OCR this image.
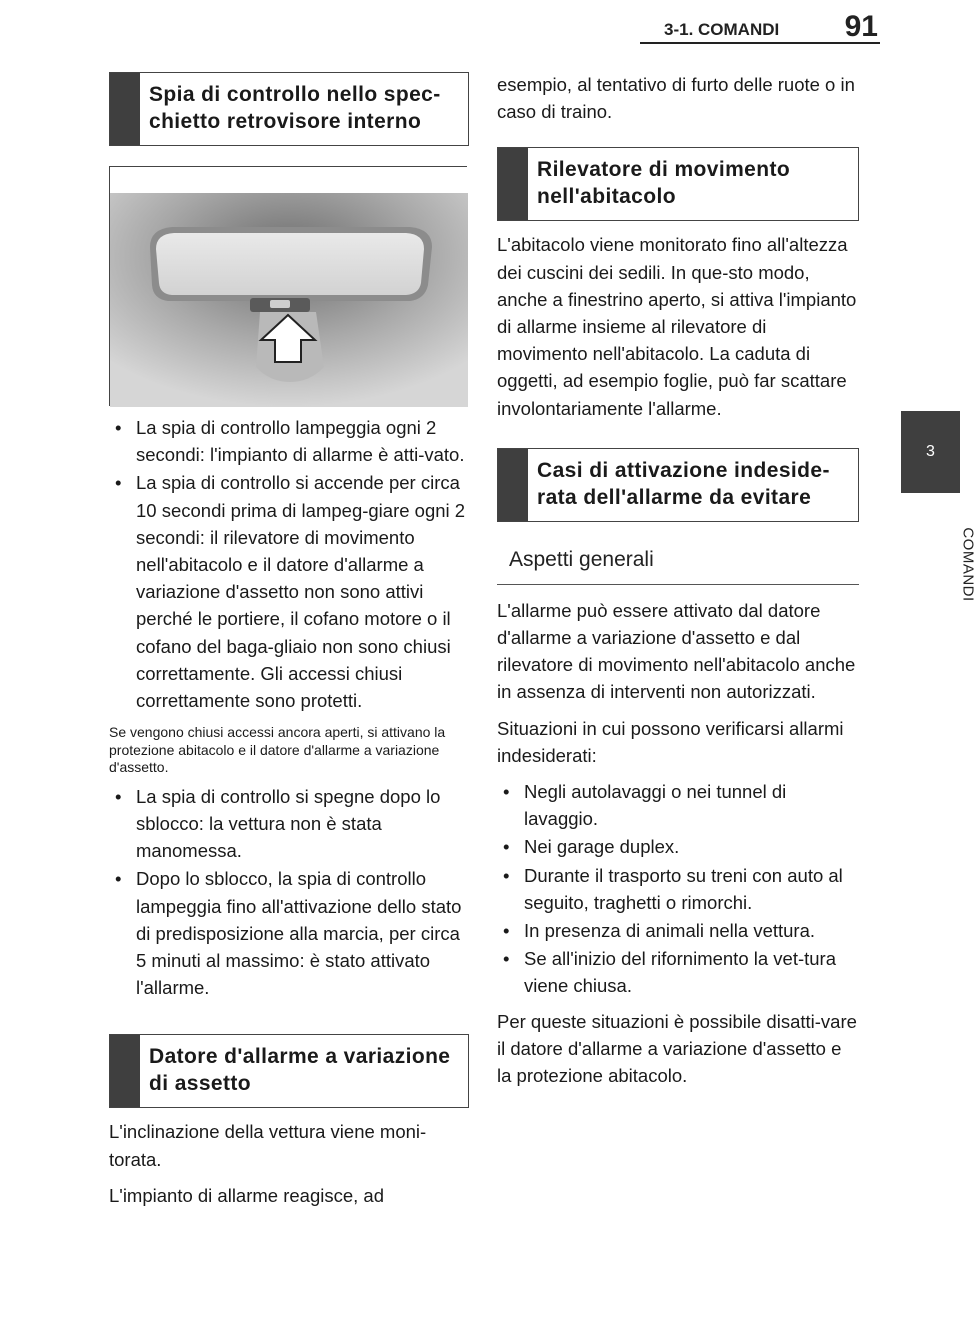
3-1. COMANDI	91
3
COMANDI
Spia di controllo nello spec-
chietto retrovisore interno
• La spia di controllo lampeggia ogni 2 secondi: l'impianto di allarme è atti-vato.
• La spia di controllo si accende per circa 10 secondi prima di lampeg-giare ogni 2 secondi: il rilevatore di movimento nell'abitacolo e il datore d'allarme a variazione d'assetto non sono attivi perché le portiere, il cofano motore o il cofano del baga-gliaio non sono chiusi correttamente. Gli accessi chiusi correttamente sono protetti.

Se vengono chiusi accessi ancora aperti, si attivano la protezione abitacolo e il datore d'allarme a variazione d'assetto.

• La spia di controllo si spegne dopo lo sblocco: la vettura non è stata manomessa.
• Dopo lo sblocco, la spia di controllo lampeggia fino all'attivazione dello stato di predisposizione alla marcia, per circa 5 minuti al massimo: è stato attivato l'allarme.
Datore d'allarme a variazione
di assetto

L'inclinazione della vettura viene moni-torata.

L'impianto di allarme reagisce, ad

esempio, al tentativo di furto delle ruote o in caso di traino.

Rilevatore di movimento
nell'abitacolo

L'abitacolo viene monitorato fino all'altezza dei cuscini dei sedili. In que-sto modo, anche a finestrino aperto, si attiva l'impianto di allarme insieme al rilevatore di movimento nell'abitacolo. La caduta di oggetti, ad esempio foglie, può far scattare involontariamente l'allarme.

Casi di attivazione indeside-
rata dell'allarme da evitare
Aspetti generali

L'allarme può essere attivato dal datore d'allarme a variazione d'assetto e dal rilevatore di movimento nell'abitacolo anche in assenza di interventi non autorizzati.

Situazioni in cui possono verificarsi allarmi indesiderati:

• Negli autolavaggi o nei tunnel di lavaggio.
• Nei garage duplex.
• Durante il trasporto su treni con auto al seguito, traghetti o rimorchi.
• In presenza di animali nella vettura.
• Se all'inizio del rifornimento la vet-tura viene chiusa.

Per queste situazioni è possibile disatti-vare il datore d'allarme a variazione d'assetto e la protezione abitacolo.
